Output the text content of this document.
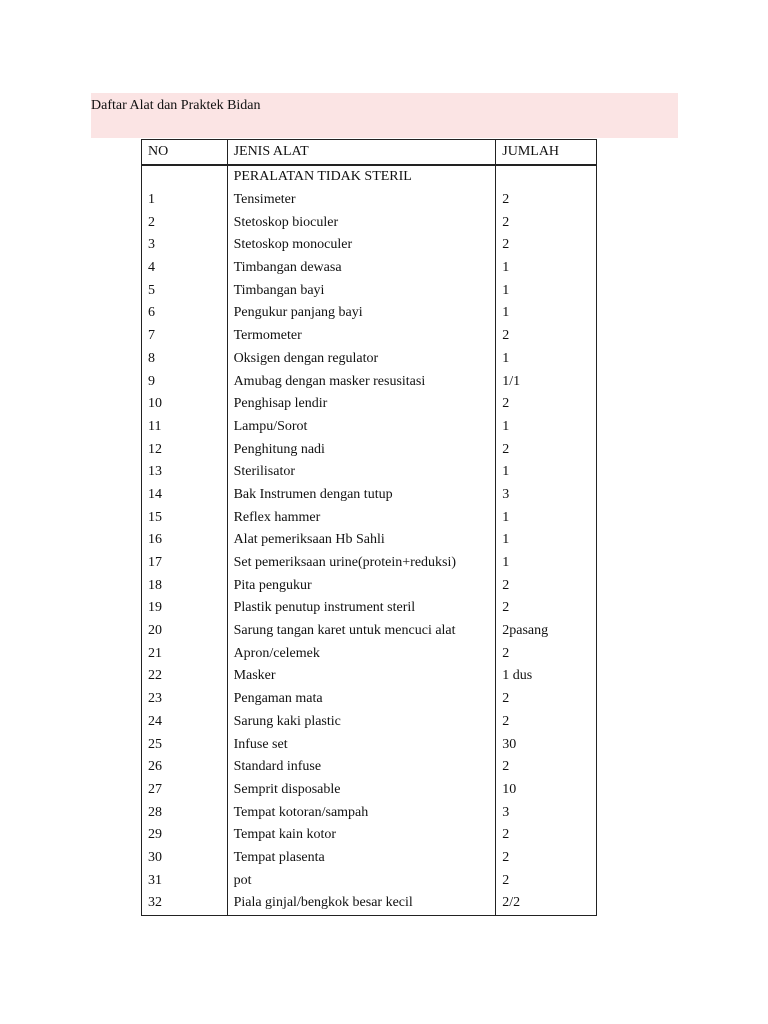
Daftar Alat dan Praktek Bidan
NO	JENIS ALAT	JUMLAH
	PERALATAN TIDAK STERIL	
1	Tensimeter	2
2	Stetoskop bioculer	2
3	Stetoskop monoculer	2
4	Timbangan dewasa	1
5	Timbangan bayi	1
6	Pengukur panjang bayi	1
7	Termometer	2
8	Oksigen dengan regulator	1
9	Amubag dengan masker resusitasi	1/1
10	Penghisap lendir	2
11	Lampu/Sorot	1
12	Penghitung nadi	2
13	Sterilisator	1
14	Bak Instrumen dengan tutup	3
15	Reflex hammer	1
16	Alat pemeriksaan Hb Sahli	1
17	Set pemeriksaan urine(protein+reduksi)	1
18	Pita pengukur	2
19	Plastik penutup instrument steril	2
20	Sarung tangan karet untuk mencuci alat	2pasang
21	Apron/celemek	2
22	Masker	1 dus
23	Pengaman mata	2
24	Sarung kaki plastic	2
25	Infuse set	30
26	Standard infuse	2
27	Semprit disposable	10
28	Tempat kotoran/sampah	3
29	Tempat kain kotor	2
30	Tempat plasenta	2
31	pot	2
32	Piala ginjal/bengkok besar kecil	2/2
